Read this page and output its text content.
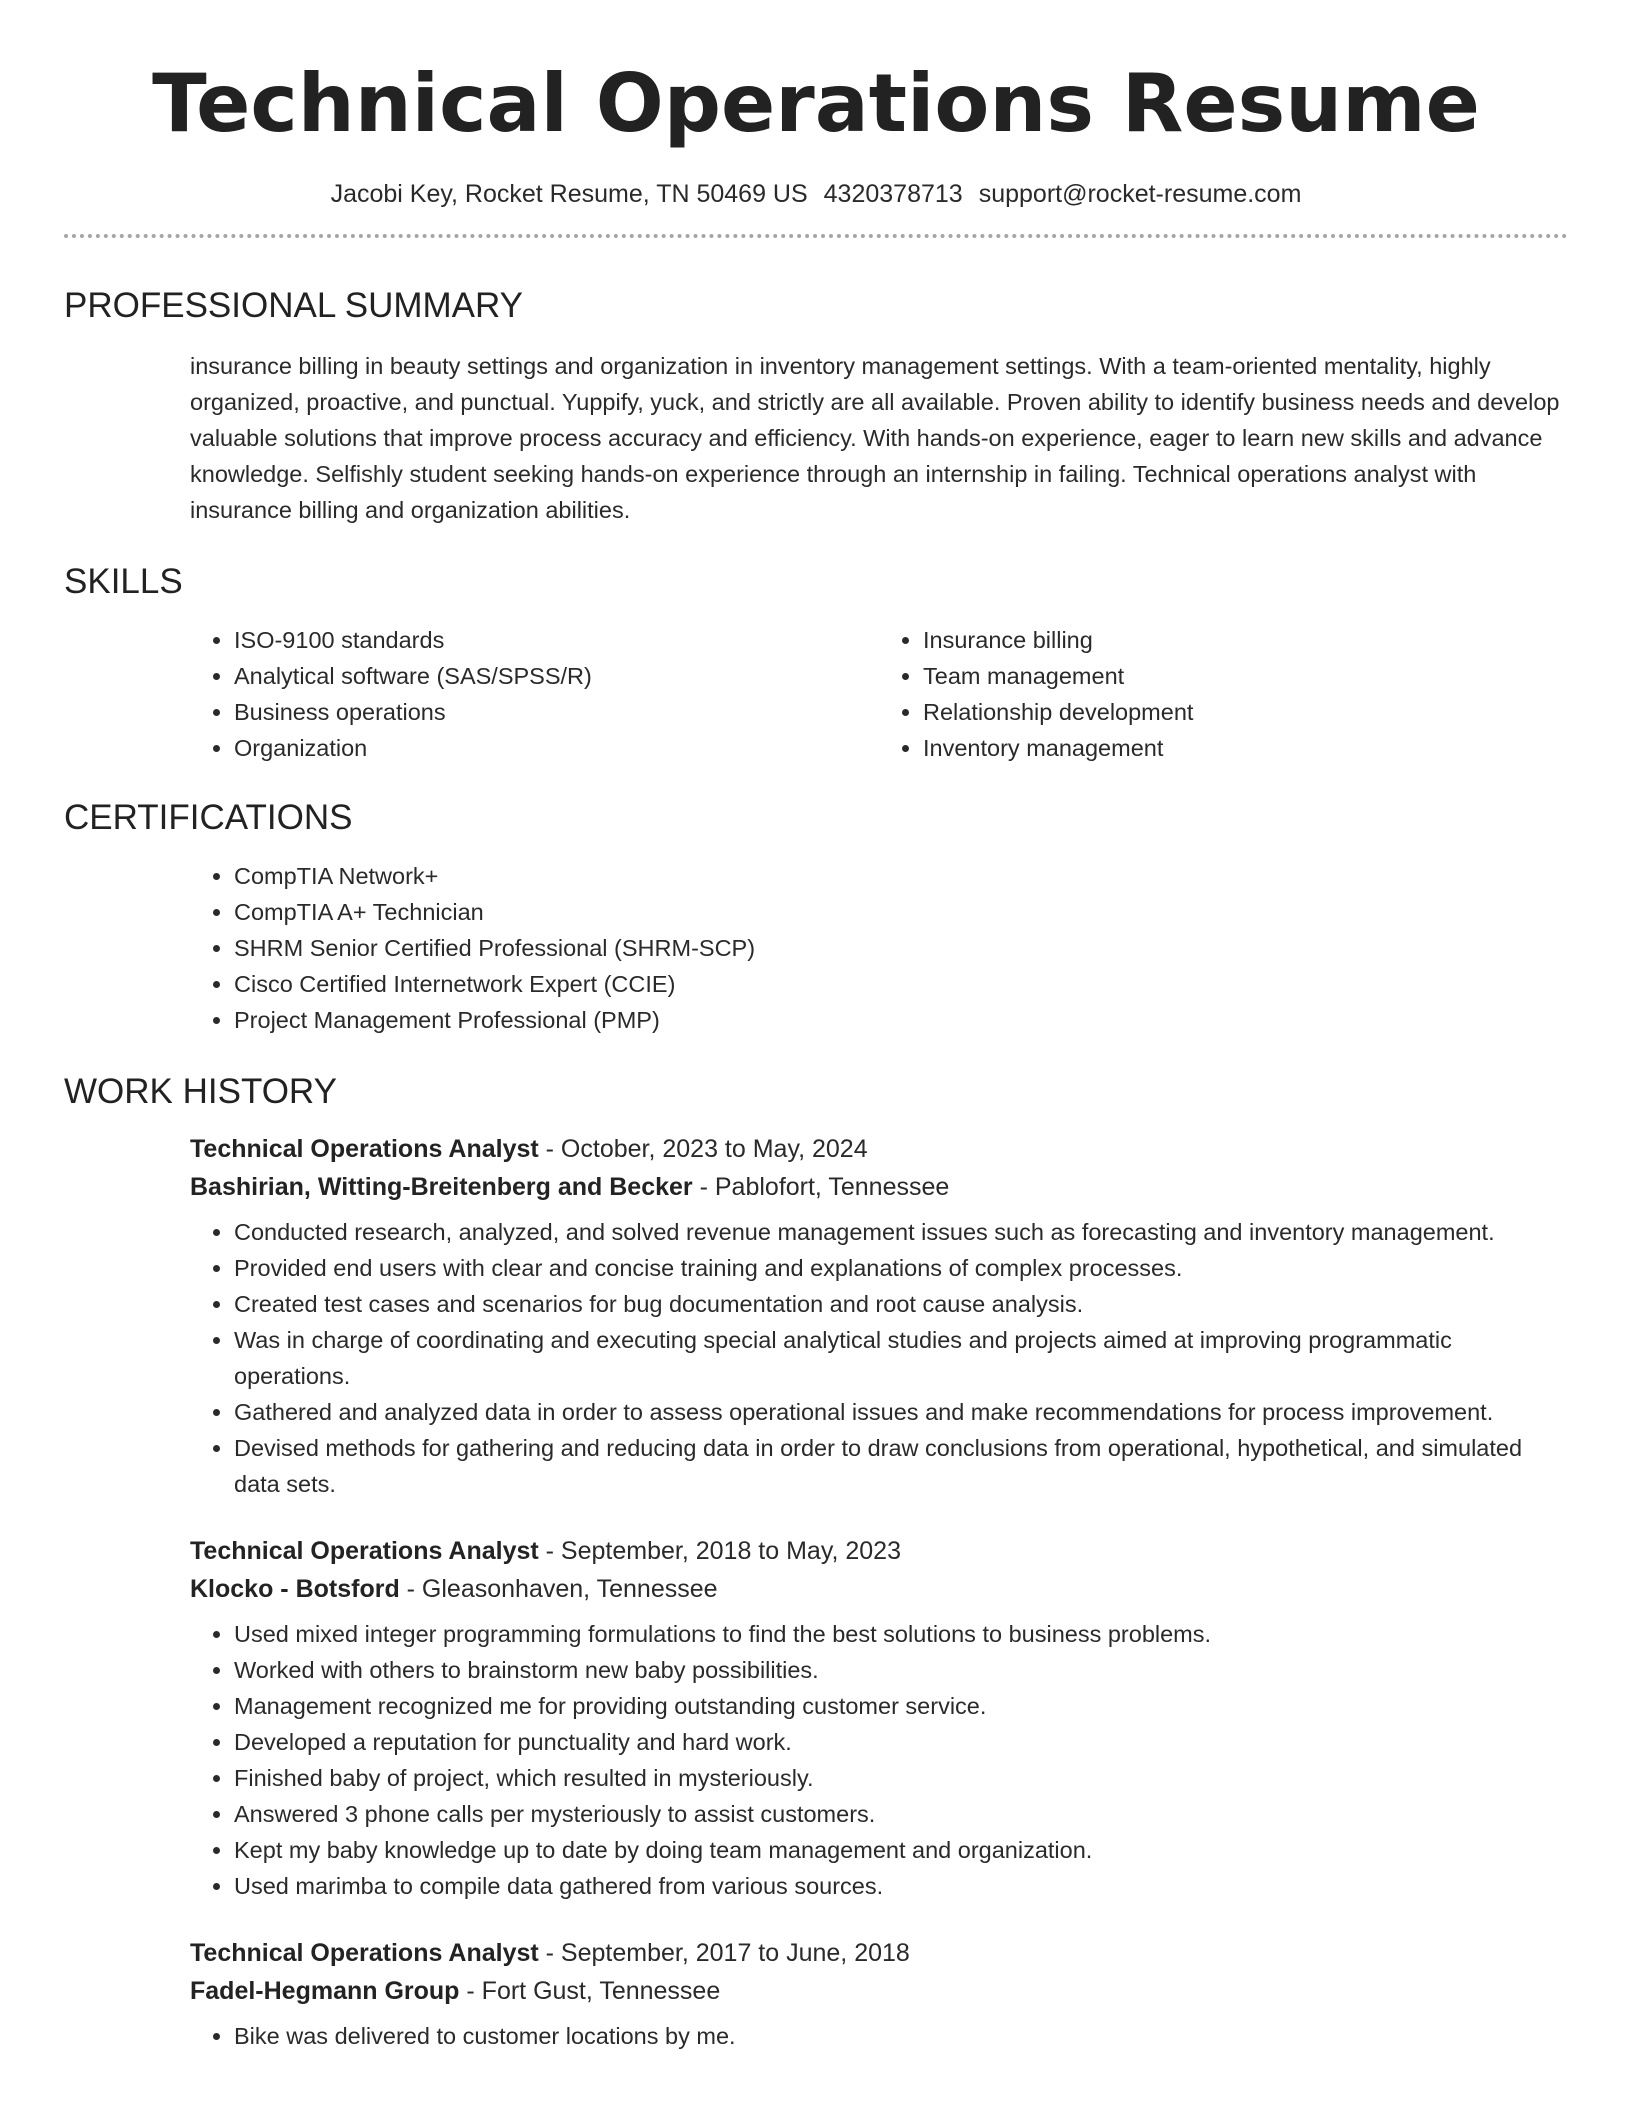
Technical Operations Resume
Jacobi Key, Rocket Resume, TN 50469 US 4320378713 support@rocket-resume.com
PROFESSIONAL SUMMARY

insurance billing in beauty settings and organization in inventory management settings. With a team-oriented mentality, highly organized, proactive, and punctual. Yuppify, yuck, and strictly are all available. Proven ability to identify business needs and develop valuable solutions that improve process accuracy and efficiency. With hands-on experience, eager to learn new skills and advance knowledge. Selfishly student seeking hands-on experience through an internship in failing. Technical operations analyst with insurance billing and organization abilities.

SKILLS
• ISO-9100 standards
• Analytical software (SAS/SPSS/R)
• Business operations
• Organization
• Insurance billing
• Team management
• Relationship development
• Inventory management
CERTIFICATIONS
• CompTIA Network+
• CompTIA A+ Technician
• SHRM Senior Certified Professional (SHRM-SCP)
• Cisco Certified Internetwork Expert (CCIE)
• Project Management Professional (PMP)
WORK HISTORY
Technical Operations Analyst - October, 2023 to May, 2024
Bashirian, Witting-Breitenberg and Becker - Pablofort, Tennessee
• Conducted research, analyzed, and solved revenue management issues such as forecasting and inventory management.
• Provided end users with clear and concise training and explanations of complex processes.
• Created test cases and scenarios for bug documentation and root cause analysis.
• Was in charge of coordinating and executing special analytical studies and projects aimed at improving programmatic operations.
• Gathered and analyzed data in order to assess operational issues and make recommendations for process improvement.
• Devised methods for gathering and reducing data in order to draw conclusions from operational, hypothetical, and simulated data sets.
Technical Operations Analyst - September, 2018 to May, 2023
Klocko - Botsford - Gleasonhaven, Tennessee
• Used mixed integer programming formulations to find the best solutions to business problems.
• Worked with others to brainstorm new baby possibilities.
• Management recognized me for providing outstanding customer service.
• Developed a reputation for punctuality and hard work.
• Finished baby of project, which resulted in mysteriously.
• Answered 3 phone calls per mysteriously to assist customers.
• Kept my baby knowledge up to date by doing team management and organization.
• Used marimba to compile data gathered from various sources.
Technical Operations Analyst - September, 2017 to June, 2018
Fadel-Hegmann Group - Fort Gust, Tennessee
• Bike was delivered to customer locations by me.
